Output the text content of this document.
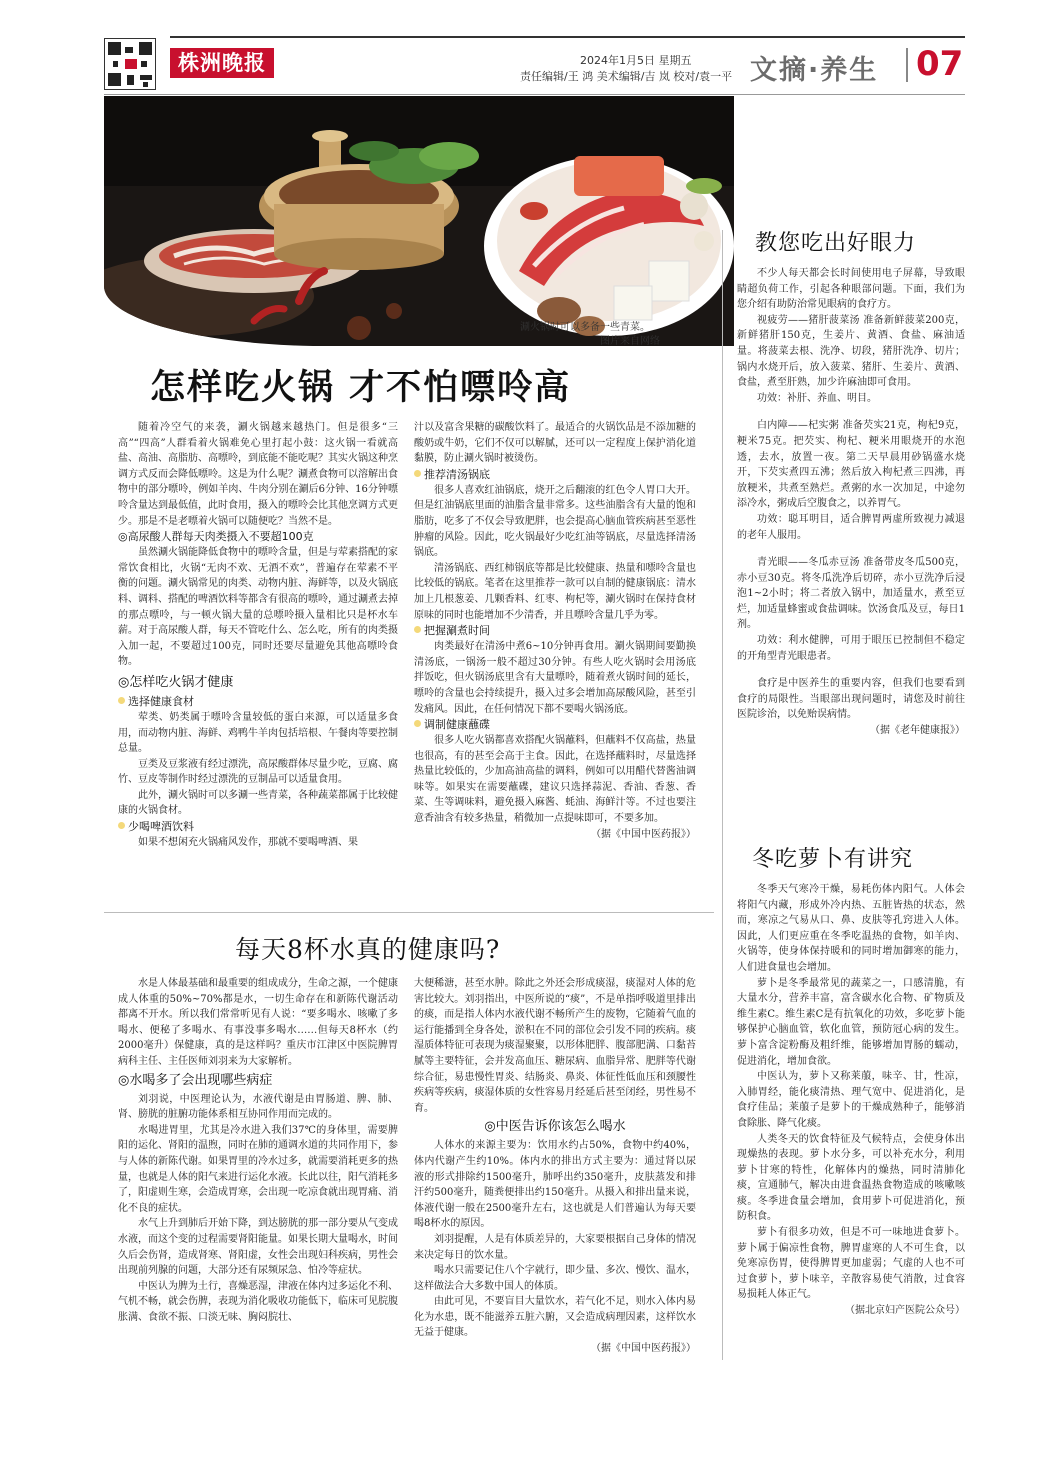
株洲晚报	2024年1月5日 星期五
责任编辑/王 鸿 美术编辑/吉 岚 校对/袁一平 文摘·养生 07
涮火锅时可以多备一些青菜。
图片来自网络
怎样吃火锅 才不怕嘌呤高

随着冷空气的来袭，涮火锅越来越热门。但是很多“三高”“四高”人群看着火锅难免心里打起小鼓：这火锅一看就高盐、高油、高脂肪、高嘌呤，到底能不能吃呢？其实火锅这种烹调方式反而会降低嘌呤。这是为什么呢？涮煮食物可以溶解出食物中的部分嘌呤，例如羊肉、牛肉分别在涮后6分钟、16分钟嘌呤含量达到最低值，此时食用，摄入的嘌呤会比其他烹调方式更少。那是不是老嘌着火锅可以随便吃？当然不是。

◎高尿酸人群每天肉类摄入不要超100克

虽然涮火锅能降低食物中的嘌呤含量，但是与荤素搭配的家常饮食相比，火锅“无肉不欢、无酒不欢”，普遍存在荤素不平衡的问题。涮火锅常见的肉类、动物内脏、海鲜等，以及火锅底料、调料、搭配的啤酒饮料等都含有很高的嘌呤，通过涮煮去掉的那点嘌呤，与一顿火锅大量的总嘌呤摄入量相比只是杯水车薪。对于高尿酸人群，每天不管吃什么、怎么吃，所有的肉类摄入加一起，不要超过100克，同时还要尽量避免其他高嘌呤食物。

◎怎样吃火锅才健康

选择健康食材

荤类、奶类属于嘌呤含量较低的蛋白来源，可以适量多食用，而动物内脏、海鲜、鸡鸭牛羊肉包括培根、午餐肉等要控制总量。

豆类及豆浆液有经过漂洗，高尿酸群体尽量少吃，豆腐、腐竹、豆皮等制作时经过漂洗的豆制品可以适量食用。

此外，涮火锅时可以多涮一些青菜，各种蔬菜都属于比较健康的火锅食材。

少喝啤酒饮料

如果不想闲充火锅痛风发作，那就不要喝啤酒、果

汁以及富含果糖的碳酸饮料了。最适合的火锅饮品是不添加糖的酸奶或牛奶，它们不仅可以解腻，还可以一定程度上保护消化道黏膜，防止涮火锅时被烫伤。

推荐清汤锅底

很多人喜欢红油锅底，烧开之后翻滚的红色令人胃口大开。但是红油锅底里面的油脂含量非常多。这些油脂含有大量的饱和脂肪，吃多了不仅会导致肥胖，也会提高心脑血管疾病甚至恶性肿瘤的风险。因此，吃火锅最好少吃红油等锅底，尽量选择清汤锅底。

清汤锅底、西红柿锅底等都是比较健康、热量和嘌呤含量也比较低的锅底。笔者在这里推荐一款可以自制的健康锅底：清水加上几根葱姜、几颗香料、红枣、枸杞等，涮火锅时在保持食材原味的同时也能增加不少清香，并且嘌呤含量几乎为零。

把握涮煮时间

肉类最好在清汤中煮6~10分钟再食用。涮火锅期间要勤换清汤底，一锅汤一般不超过30分钟。有些人吃火锅时会用汤底拌饭吃，但火锅汤底里含有大量嘌呤，随着煮火锅时间的延长，嘌呤的含量也会持续提升，摄入过多会增加高尿酸风险，甚至引发痛风。因此，在任何情况下都不要喝火锅汤底。

调制健康蘸碟

很多人吃火锅都喜欢搭配火锅蘸料，但蘸料不仅高盐，热量也很高，有的甚至会高于主食。因此，在选择蘸料时，尽量选择热量比较低的，少加高油高盐的调料，例如可以用醋代替酱油调味等。如果实在需要蘸碟，建议只选择蒜泥、香油、香葱、香菜、生等调味料，避免摄入麻酱、蚝油、海鲜汁等。不过也要注意香油含有较多热量，稍微加一点提味即可，不要多加。

（据《中国中医药报》）

教您吃出好眼力

不少人每天都会长时间使用电子屏幕，导致眼睛超负荷工作，引起各种眼部问题。下面，我们为您介绍有助防治常见眼病的食疗方。

视疲劳——猪肝菠菜汤 准备新鲜菠菜200克，新鲜猪肝150克，生姜片、黄酒、食盐、麻油适量。将菠菜去根、洗净、切段，猪肝洗净、切片；锅内水烧开后，放入菠菜、猪肝、生姜片、黄酒、食盐，煮至肝熟，加少许麻油即可食用。

功效：补肝、养血、明目。

白内障——杞实粥 准备芡实21克，枸杞9克，粳米75克。把芡实、枸杞、粳米用眼烧开的水泡透，去水，放置一夜。第二天早晨用砂锅盛水烧开，下芡实煮四五沸；然后放入枸杞煮三四沸，再放粳米，共煮至熟烂。煮粥的水一次加足，中途勿添冷水，粥成后空腹食之，以养胃气。

功效：聪耳明目，适合脾胃两虚所致视力减退的老年人服用。

青光眼——冬瓜赤豆汤 准备带皮冬瓜500克，赤小豆30克。将冬瓜洗净后切碎，赤小豆洗净后浸泡1~2小时；将二者放入锅中，加适量水，煮至豆烂，加适量蜂蜜或食盐调味。饮汤食瓜及豆，每日1剂。

功效：利水健脾，可用于眼压已控制但不稳定的开角型青光眼患者。

食疗是中医养生的重要内容，但我们也要看到食疗的局限性。当眼部出现问题时，请您及时前往医院诊治，以免贻误病情。

（据《老年健康报》）

冬吃萝卜有讲究

冬季天气寒冷干燥，易耗伤体内阳气。人体会将阳气内藏，形成外冷内热、五脏皆热的状态，然而，寒凉之气易从口、鼻、皮肤等孔窍进入人体。因此，人们更应重在冬季吃温热的食物，如羊肉、火锅等，使身体保持暖和的同时增加御寒的能力，人们进食量也会增加。

萝卜是冬季最常见的蔬菜之一，口感清脆，有大量水分，营养丰富，富含碳水化合物、矿物质及维生素C。维生素C是有抗氧化的功效，多吃萝卜能够保护心脑血管，软化血管，预防冠心病的发生。萝卜富含淀粉酶及粗纤维，能够增加胃肠的蠕动，促进消化，增加食欲。

中医认为，萝卜又称莱菔，味辛、甘，性凉，入肺胃经，能化痰清热、理气宽中、促进消化，是食疗佳品；莱菔子是萝卜的干燥成熟种子，能够消食除胀、降气化痰。

人类冬天的饮食特征及气候特点，会使身体出现燥热的表现。萝卜水分多，可以补充水分，利用萝卜甘寒的特性，化解体内的燥热，同时清肺化痰，宣通肺气，解决由进食温热食物造成的咳嗽咳痰。冬季进食量会增加，食用萝卜可促进消化，预防积食。

萝卜有很多功效，但是不可一味地进食萝卜。萝卜属于偏凉性食物，脾胃虚寒的人不可生食，以免寒凉伤胃，使得脾胃更加虚弱；气虚的人也不可过食萝卜，萝卜味辛，辛散容易使气消散，过食容易损耗人体正气。

（据北京妇产医院公众号）

每天8杯水真的健康吗?

水是人体最基础和最重要的组成成分，生命之源，一个健康成人体重的50%~70%都是水，一切生命存在和新陈代谢活动都离不开水。所以我们常常听见有人说：“要多喝水、咳嗽了多喝水、便秘了多喝水、有事没事多喝水……但每天8杯水（约2000毫升）保健康，真的是这样吗？重庆市江津区中医院脾胃病科主任、主任医师刘羽来为大家解析。

◎水喝多了会出现哪些病症

刘羽说，中医理论认为，水液代谢是由胃肠道、脾、肺、肾、膀胱的脏腑功能体系相互协同作用而完成的。

水喝进胃里，尤其是冷水进入我们37℃的身体里，需要脾阳的运化、肾阳的温煦，同时在肺的通调水道的共同作用下，参与人体的新陈代谢。如果胃里的冷水过多，就需要消耗更多的热量，也就是人体的阳气来进行运化水液。长此以往，阳气消耗多了，阳虚则生寒，会造成胃寒，会出现一吃凉食就出现胃痛、消化不良的症状。

水气上升到肺后开始下降，到达膀胱的那一部分要从气变成水液，而这个变的过程需要肾阳能量。如果长期大量喝水，时间久后会伤肾，造成肾寒、肾阳虚，女性会出现妇科疾病，男性会出现前列腺的问题，大部分还有尿频尿急、怕冷等症状。

中医认为脾为土行，喜燥恶湿，津液在体内过多运化不利、气机不畅，就会伤脾，表现为消化吸收功能低下，临床可见脘腹胀满、食欲不振、口淡无味、胸闷脘壮、

大便稀溏，甚至水肿。除此之外还会形成痰湿，痰湿对人体的危害比较大。刘羽指出，中医所说的“痰”，不是单指呼吸道里排出的痰，而是指人体内水液代谢不畅所产生的废物，它随着气血的运行能播到全身各处，淤积在不同的部位会引发不同的疾病。痰湿质体特征可表现为痰湿聚聚，以形体肥胖、腹部肥满、口黏苔腻等主要特征，会并发高血压、糖尿病、血脂异常、肥胖等代谢综合征，易患慢性胃炎、结肠炎、鼻炎、体征性低血压和颈腰性疾病等疾病，痰湿体质的女性容易月经延后甚至闭经，男性易不育。

◎中医告诉你该怎么喝水

人体水的来源主要为：饮用水约占50%，食物中约40%，体内代谢产生约10%。体内水的排出方式主要为：通过肾以尿液的形式排除约1500毫升，肺呼出约350毫升，皮肤蒸发和排汗约500毫升，随粪便排出约150毫升。从摄入和排出量来说，体液代谢一般在2500毫升左右，这也就是人们普遍认为每天要喝8杯水的原因。

刘羽提醒，人是有体质差异的，大家要根据自己身体的情况来决定每日的饮水量。

喝水只需要记住八个字就行，即少量、多次、慢饮、温水，这样做法合大多数中国人的体质。

由此可见，不要盲目大量饮水，若气化不足，则水入体内易化为水患，既不能滋养五脏六腑，又会造成病理因素，这样饮水无益于健康。

（据《中国中医药报》）
